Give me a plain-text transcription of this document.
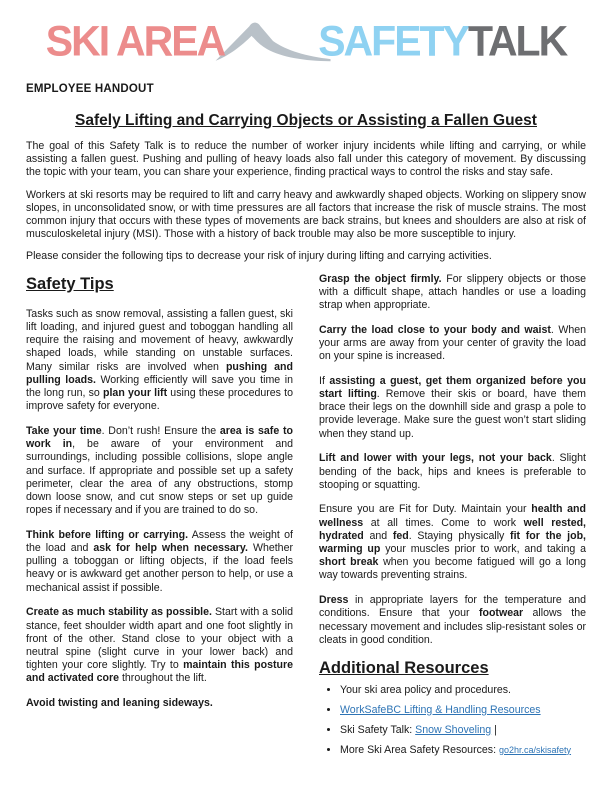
SKI AREA SAFETY TALK
EMPLOYEE HANDOUT
Safely Lifting and Carrying Objects or Assisting a Fallen Guest

The goal of this Safety Talk is to reduce the number of worker injury incidents while lifting and carrying, or while assisting a fallen guest. Pushing and pulling of heavy loads also fall under this category of movement. By discussing the topic with your team, you can share your experience, finding practical ways to control the risks and stay safe.

Workers at ski resorts may be required to lift and carry heavy and awkwardly shaped objects. Working on slippery snow slopes, in unconsolidated snow, or with time pressures are all factors that increase the risk of muscle strains. The most common injury that occurs with these types of movements are back strains, but knees and shoulders are also at risk of musculoskeletal injury (MSI). Those with a history of back trouble may also be more susceptible to injury.

Please consider the following tips to decrease your risk of injury during lifting and carrying activities.

Safety Tips

Tasks such as snow removal, assisting a fallen guest, ski lift loading, and injured guest and toboggan handling all require the raising and movement of heavy, awkwardly shaped loads, while standing on unstable surfaces. Many similar risks are involved when pushing and pulling loads. Working efficiently will save you time in the long run, so plan your lift using these procedures to improve safety for everyone.

Take your time. Don’t rush! Ensure the area is safe to work in, be aware of your environment and surroundings, including possible collisions, slope angle and surface. If appropriate and possible set up a safety perimeter, clear the area of any obstructions, stomp down loose snow, and cut snow steps or set up guide ropes if necessary and if you are trained to do so.

Think before lifting or carrying. Assess the weight of the load and ask for help when necessary. Whether pulling a toboggan or lifting objects, if the load feels heavy or is awkward get another person to help, or use a mechanical assist if possible.

Create as much stability as possible. Start with a solid stance, feet shoulder width apart and one foot slightly in front of the other. Stand close to your object with a neutral spine (slight curve in your lower back) and tighten your core slightly. Try to maintain this posture and activated core throughout the lift.

Avoid twisting and leaning sideways.

Grasp the object firmly. For slippery objects or those with a difficult shape, attach handles or use a loading strap when appropriate.

Carry the load close to your body and waist. When your arms are away from your center of gravity the load on your spine is increased.

If assisting a guest, get them organized before you start lifting. Remove their skis or board, have them brace their legs on the downhill side and grasp a pole to provide leverage. Make sure the guest won’t start sliding when they stand up.

Lift and lower with your legs, not your back. Slight bending of the back, hips and knees is preferable to stooping or squatting.

Ensure you are Fit for Duty. Maintain your health and wellness at all times. Come to work well rested, hydrated and fed. Staying physically fit for the job, warming up your muscles prior to work, and taking a short break when you become fatigued will go a long way towards preventing strains.

Dress in appropriate layers for the temperature and conditions. Ensure that your footwear allows the necessary movement and includes slip-resistant soles or cleats in good condition.

Additional Resources
• Your ski area policy and procedures.
• WorkSafeBC Lifting & Handling Resources
• Ski Safety Talk: Snow Shoveling |
• More Ski Area Safety Resources: go2hr.ca/skisafety
